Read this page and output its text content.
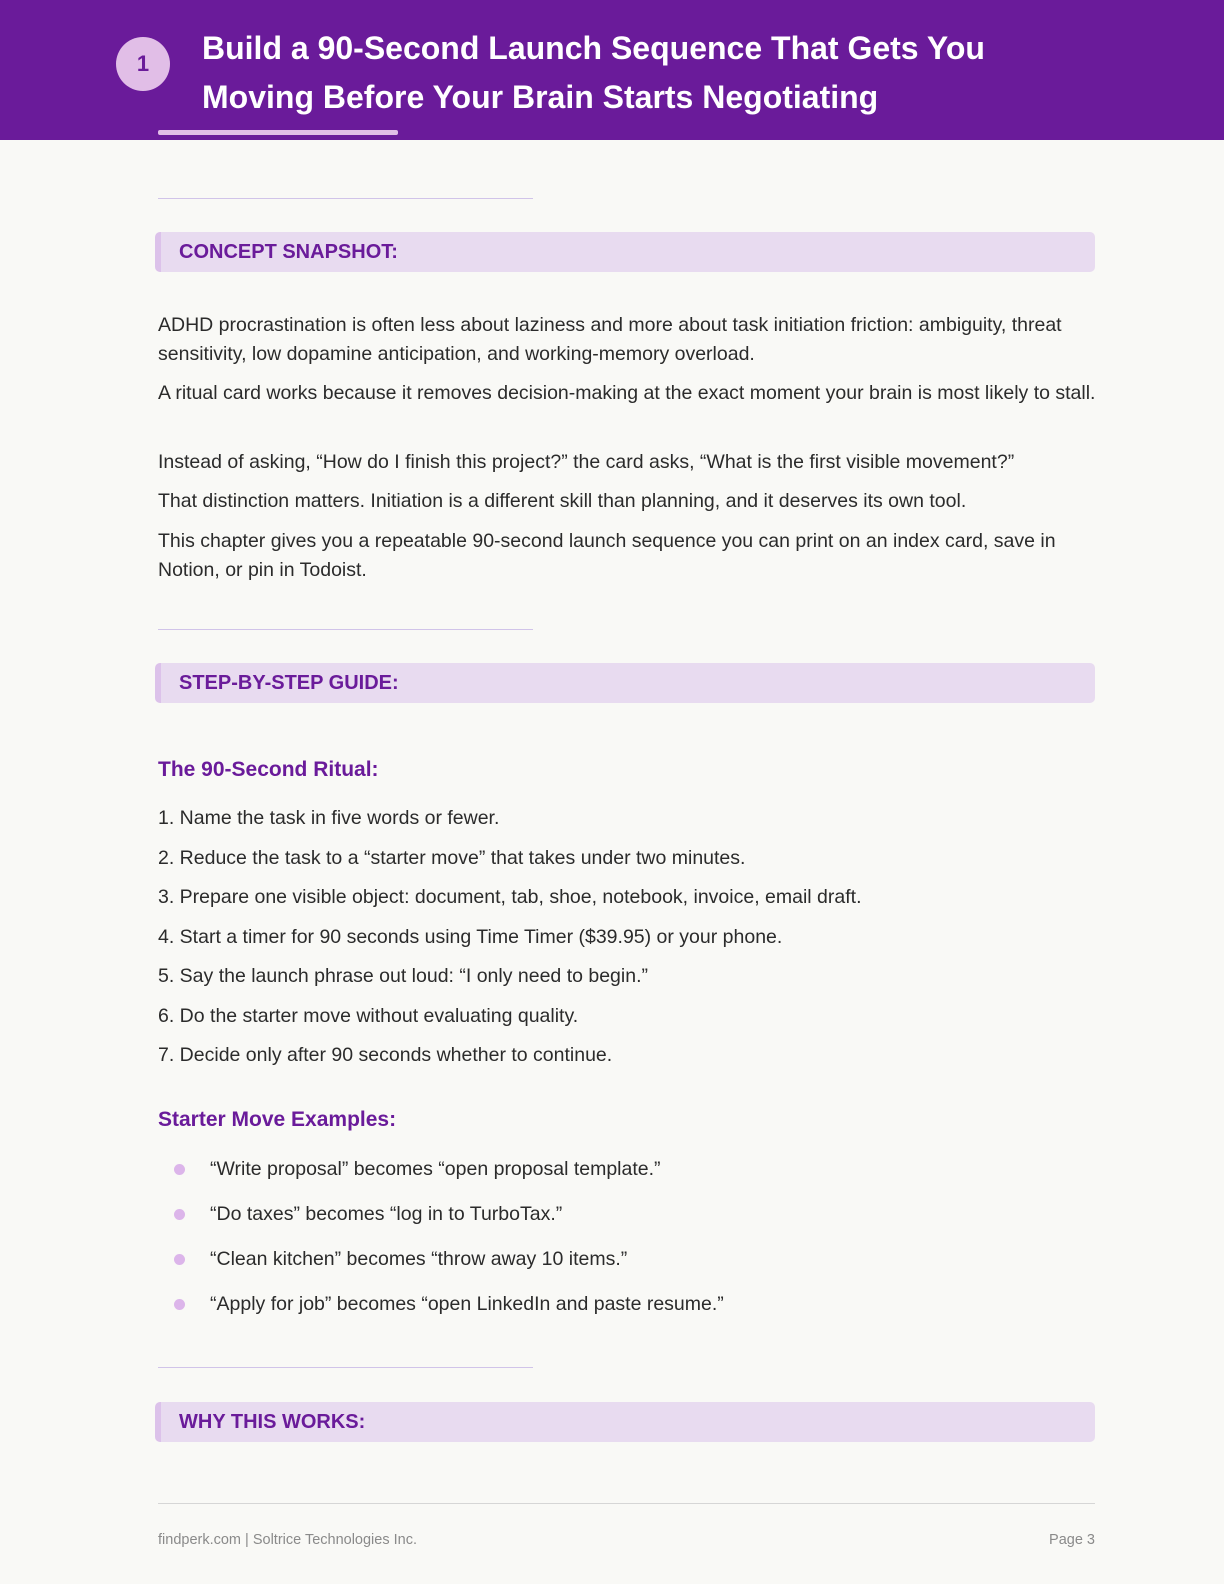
1	Build a 90-Second Launch Sequence That Gets You Moving Before Your Brain Starts Negotiating
CONCEPT SNAPSHOT:

ADHD procrastination is often less about laziness and more about task initiation friction: ambiguity, threat sensitivity, low dopamine anticipation, and working-memory overload.

A ritual card works because it removes decision-making at the exact moment your brain is most likely to stall.

Instead of asking, “How do I finish this project?” the card asks, “What is the first visible movement?”

That distinction matters. Initiation is a different skill than planning, and it deserves its own tool.

This chapter gives you a repeatable 90-second launch sequence you can print on an index card, save in Notion, or pin in Todoist.

STEP-BY-STEP GUIDE:
The 90-Second Ritual:

1. Name the task in five words or fewer.

2. Reduce the task to a “starter move” that takes under two minutes.

3. Prepare one visible object: document, tab, shoe, notebook, invoice, email draft.

4. Start a timer for 90 seconds using Time Timer ($39.95) or your phone.

5. Say the launch phrase out loud: “I only need to begin.”

6. Do the starter move without evaluating quality.

7. Decide only after 90 seconds whether to continue.

Starter Move Examples:
“Write proposal” becomes “open proposal template.”
“Do taxes” becomes “log in to TurboTax.”
“Clean kitchen” becomes “throw away 10 items.”
“Apply for job” becomes “open LinkedIn and paste resume.”
WHY THIS WORKS:
findperk.com | Soltrice Technologies Inc.	Page 3
